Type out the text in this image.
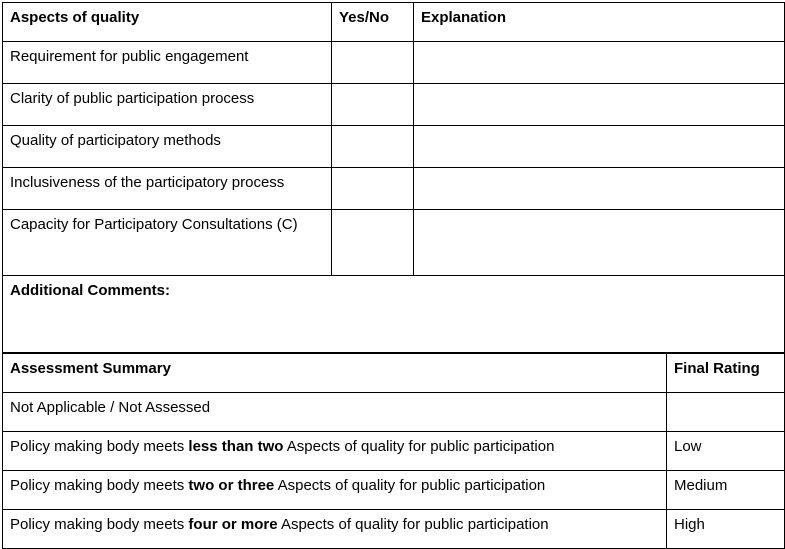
Aspects of quality	Yes/No	Explanation
Requirement for public engagement		
Clarity of public participation process		
Quality of participatory methods		
Inclusiveness of the participatory process		
Capacity for Participatory Consultations (C)		
Additional Comments:		
Assessment Summary	Final Rating
Not Applicable / Not Assessed	
Policy making body meets less than two Aspects of quality for public participation	Low
Policy making body meets two or three Aspects of quality for public participation	Medium
Policy making body meets four or more Aspects of quality for public participation	High
